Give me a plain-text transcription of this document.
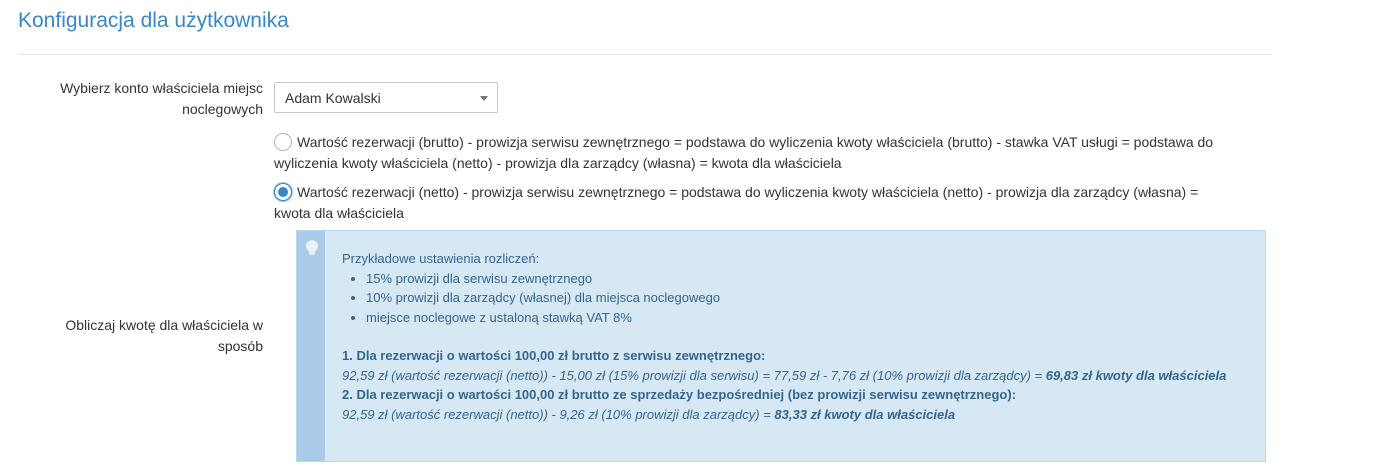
Konfiguracja dla użytkownika
Wybierz konto właściciela miejsc noclegowych
Adam Kowalski
Wartość rezerwacji (brutto) - prowizja serwisu zewnętrznego = podstawa do wyliczenia kwoty właściciela (brutto) - stawka VAT usługi = podstawa do wyliczenia kwoty właściciela (netto) - prowizja dla zarządcy (własna) = kwota dla właściciela
Wartość rezerwacji (netto) - prowizja serwisu zewnętrznego = podstawa do wyliczenia kwoty właściciela (netto) - prowizja dla zarządcy (własna) = kwota dla właściciela
Obliczaj kwotę dla właściciela w sposób
Przykładowe ustawienia rozliczeń:
• 15% prowizji dla serwisu zewnętrznego
• 10% prowizji dla zarządcy (własnej) dla miejsca noclegowego
• miejsce noclegowe z ustaloną stawką VAT 8%
1. Dla rezerwacji o wartości 100,00 zł brutto z serwisu zewnętrznego:
92,59 zł (wartość rezerwacji (netto)) - 15,00 zł (15% prowizji dla serwisu) = 77,59 zł - 7,76 zł (10% prowizji dla zarządcy) = 69,83 zł kwoty dla właściciela
2. Dla rezerwacji o wartości 100,00 zł brutto ze sprzedaży bezpośredniej (bez prowizji serwisu zewnętrznego):
92,59 zł (wartość rezerwacji (netto)) - 9,26 zł (10% prowizji dla zarządcy) = 83,33 zł kwoty dla właściciela
